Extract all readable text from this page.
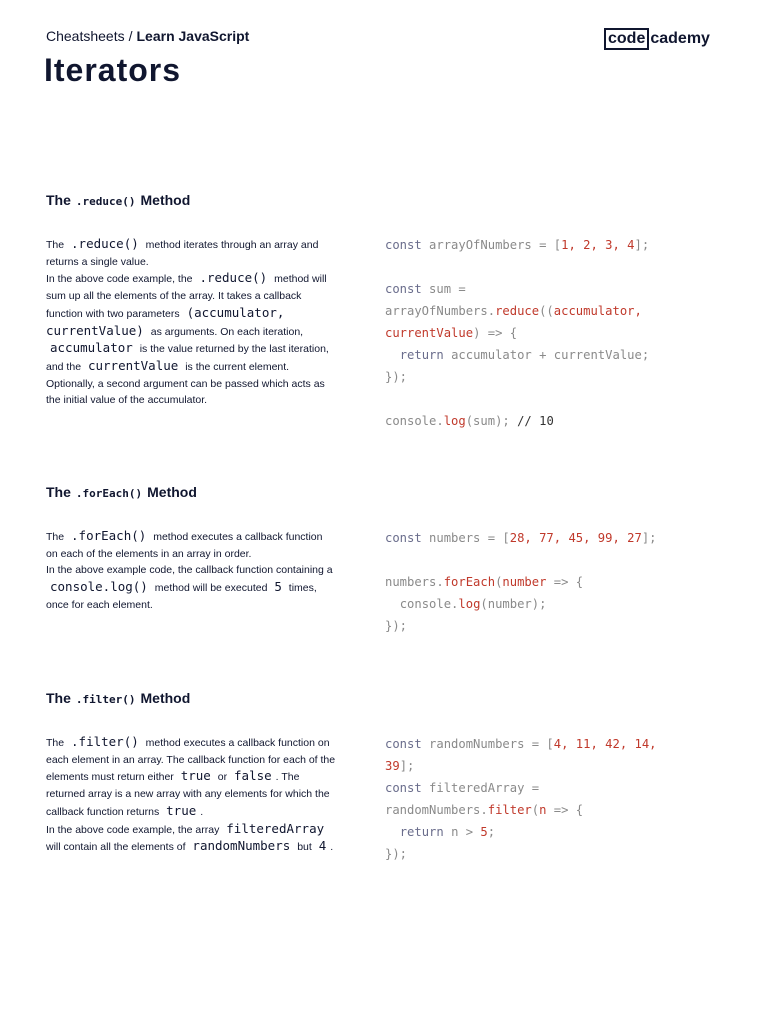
Cheatsheets / Learn JavaScript	code cademy
Iterators
The .reduce() Method
The .reduce() method iterates through an array and returns a single value.
In the above code example, the .reduce() method will sum up all the elements of the array. It takes a callback function with two parameters (accumulator, currentValue) as arguments. On each iteration, accumulator is the value returned by the last iteration, and the currentValue is the current element. Optionally, a second argument can be passed which acts as the initial value of the accumulator.
const arrayOfNumbers = [1, 2, 3, 4];

const sum =
arrayOfNumbers.reduce((accumulator,
currentValue) => {
return accumulator + currentValue;
});

console.log(sum); // 10
The .forEach() Method
The .forEach() method executes a callback function on each of the elements in an array in order.
In the above example code, the callback function containing a console.log() method will be executed 5 times, once for each element.
const numbers = [28, 77, 45, 99, 27];

numbers.forEach(number => {
console.log(number);
});
The .filter() Method
The .filter() method executes a callback function on each element in an array. The callback function for each of the elements must return either true or false . The returned array is a new array with any elements for which the callback function returns true .
In the above code example, the array filteredArray will contain all the elements of randomNumbers but 4 .
const randomNumbers = [4, 11, 42, 14,
39];
const filteredArray =
randomNumbers.filter(n => {
return n > 5;
});
